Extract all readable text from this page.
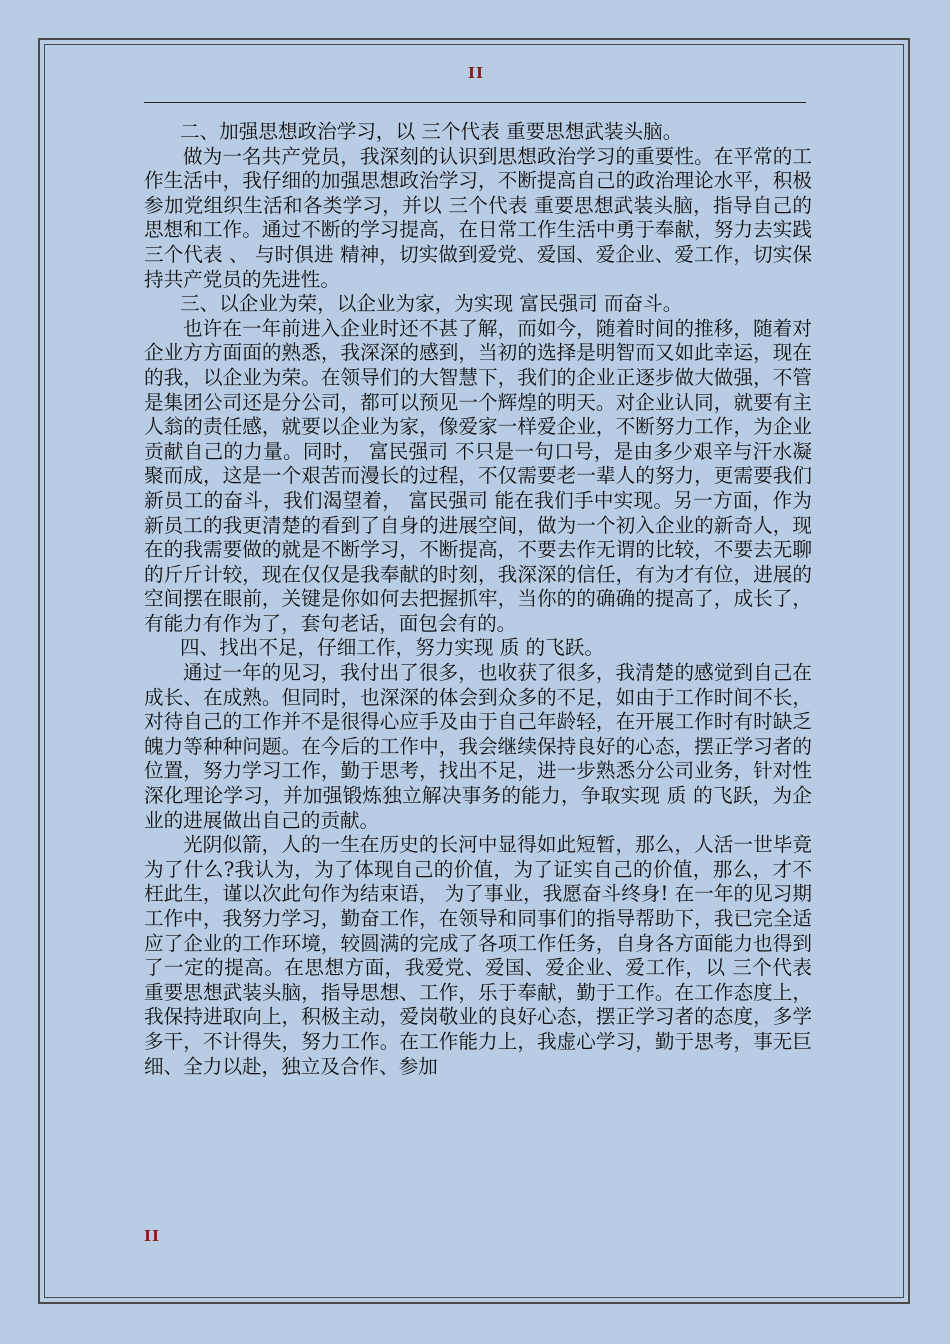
II

二、加强思想政治学习，以 三个代表 重要思想武装头脑。

做为一名共产党员，我深刻的认识到思想政治学习的重要性。在平常的工作生活中，我仔细的加强思想政治学习，不断提高自己的政治理论水平，积极参加党组织生活和各类学习，并以 三个代表 重要思想武装头脑，指导自己的思想和工作。通过不断的学习提高，在日常工作生活中勇于奉献，努力去实践 三个代表 、 与时俱进 精神，切实做到爱党、爱国、爱企业、爱工作，切实保持共产党员的先进性。

三、以企业为荣，以企业为家，为实现 富民强司 而奋斗。

也许在一年前进入企业时还不甚了解，而如今，随着时间的推移，随着对企业方方面面的熟悉，我深深的感到，当初的选择是明智而又如此幸运，现在的我，以企业为荣。在领导们的大智慧下，我们的企业正逐步做大做强，不管是集团公司还是分公司，都可以预见一个辉煌的明天。对企业认同，就要有主人翁的责任感，就要以企业为家，像爱家一样爱企业，不断努力工作，为企业贡献自己的力量。同时， 富民强司 不只是一句口号，是由多少艰辛与汗水凝聚而成，这是一个艰苦而漫长的过程，不仅需要老一辈人的努力，更需要我们新员工的奋斗，我们渴望着， 富民强司 能在我们手中实现。另一方面，作为新员工的我更清楚的看到了自身的进展空间，做为一个初入企业的新奇人，现在的我需要做的就是不断学习，不断提高，不要去作无谓的比较，不要去无聊的斤斤计较，现在仅仅是我奉献的时刻，我深深的信任，有为才有位，进展的空间摆在眼前，关键是你如何去把握抓牢，当你的的确确的提高了，成长了，有能力有作为了，套句老话，面包会有的。

四、找出不足，仔细工作，努力实现 质 的飞跃。

通过一年的见习，我付出了很多，也收获了很多，我清楚的感觉到自己在成长、在成熟。但同时，也深深的体会到众多的不足，如由于工作时间不长，对待自己的工作并不是很得心应手及由于自己年龄轻，在开展工作时有时缺乏魄力等种种问题。在今后的工作中，我会继续保持良好的心态，摆正学习者的位置，努力学习工作，勤于思考，找出不足，进一步熟悉分公司业务，针对性深化理论学习，并加强锻炼独立解决事务的能力，争取实现 质 的飞跃，为企业的进展做出自己的贡献。

光阴似箭，人的一生在历史的长河中显得如此短暂，那么，人活一世毕竟为了什么?我认为，为了体现自己的价值，为了证实自己的价值，那么，才不枉此生，谨以次此句作为结束语， 为了事业，我愿奋斗终身! 在一年的见习期工作中，我努力学习，勤奋工作，在领导和同事们的指导帮助下，我已完全适应了企业的工作环境，较圆满的完成了各项工作任务，自身各方面能力也得到了一定的提高。在思想方面，我爱党、爱国、爱企业、爱工作，以 三个代表 重要思想武装头脑，指导思想、工作，乐于奉献，勤于工作。在工作态度上，我保持进取向上，积极主动，爱岗敬业的良好心态，摆正学习者的态度，多学多干，不计得失，努力工作。在工作能力上，我虚心学习，勤于思考，事无巨细、全力以赴，独立及合作、参加

II
